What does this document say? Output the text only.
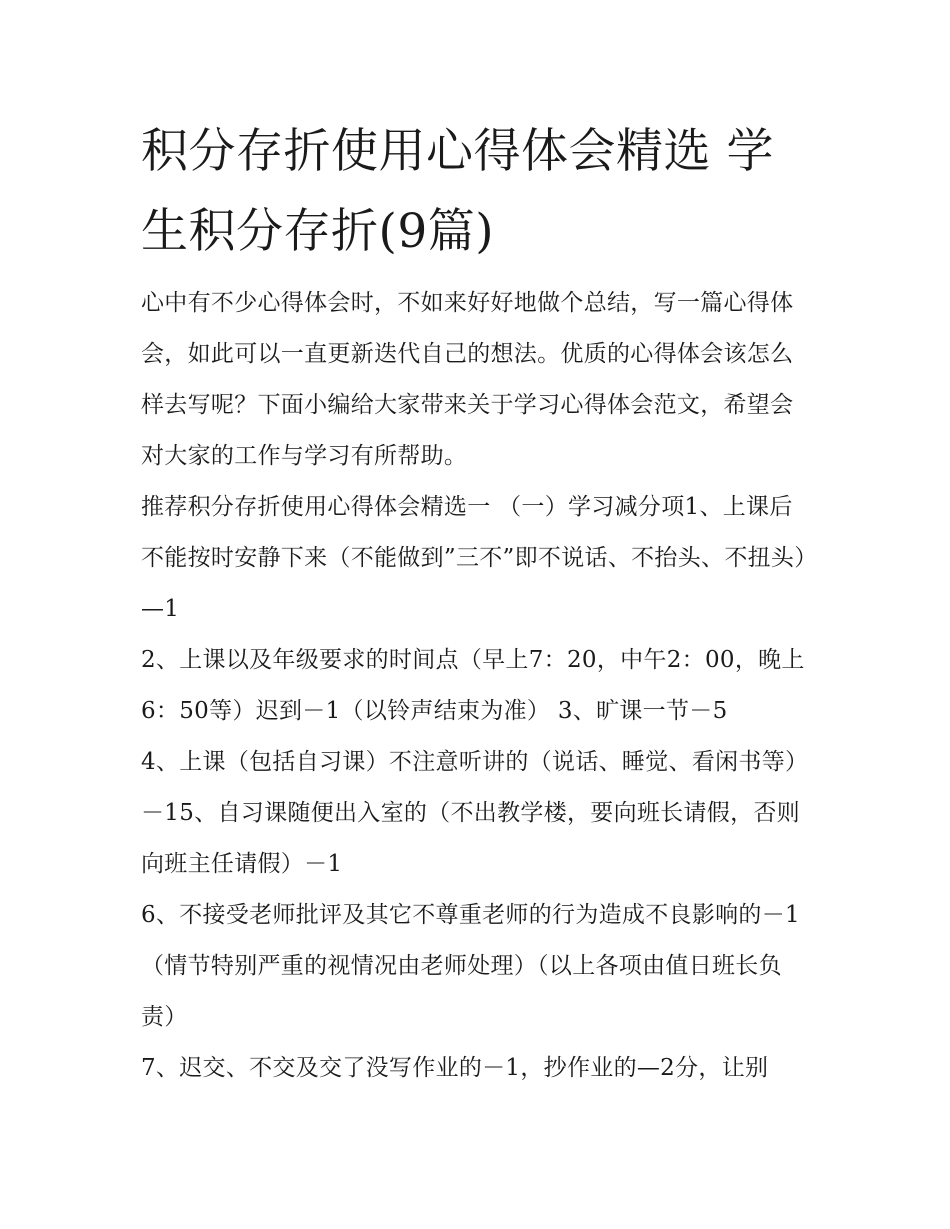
积分存折使用心得体会精选 学生积分存折(9篇)

心中有不少心得体会时，不如来好好地做个总结，写一篇心得体会，如此可以一直更新迭代自己的想法。优质的心得体会该怎么样去写呢？下面小编给大家带来关于学习心得体会范文，希望会对大家的工作与学习有所帮助。

推荐积分存折使用心得体会精选一 （一）学习减分项1、上课后不能按时安静下来（不能做到”三不”即不说话、不抬头、不扭头）—1

2、上课以及年级要求的时间点（早上7：20，中午2：00，晚上6：50等）迟到－1（以铃声结束为准） 3、旷课一节－5

4、上课（包括自习课）不注意听讲的（说话、睡觉、看闲书等）－15、自习课随便出入室的（不出教学楼，要向班长请假，否则向班主任请假）－1

6、不接受老师批评及其它不尊重老师的行为造成不良影响的－1（情节特别严重的视情况由老师处理）（以上各项由值日班长负责）

7、迟交、不交及交了没写作业的－1，抄作业的—2分，让别
